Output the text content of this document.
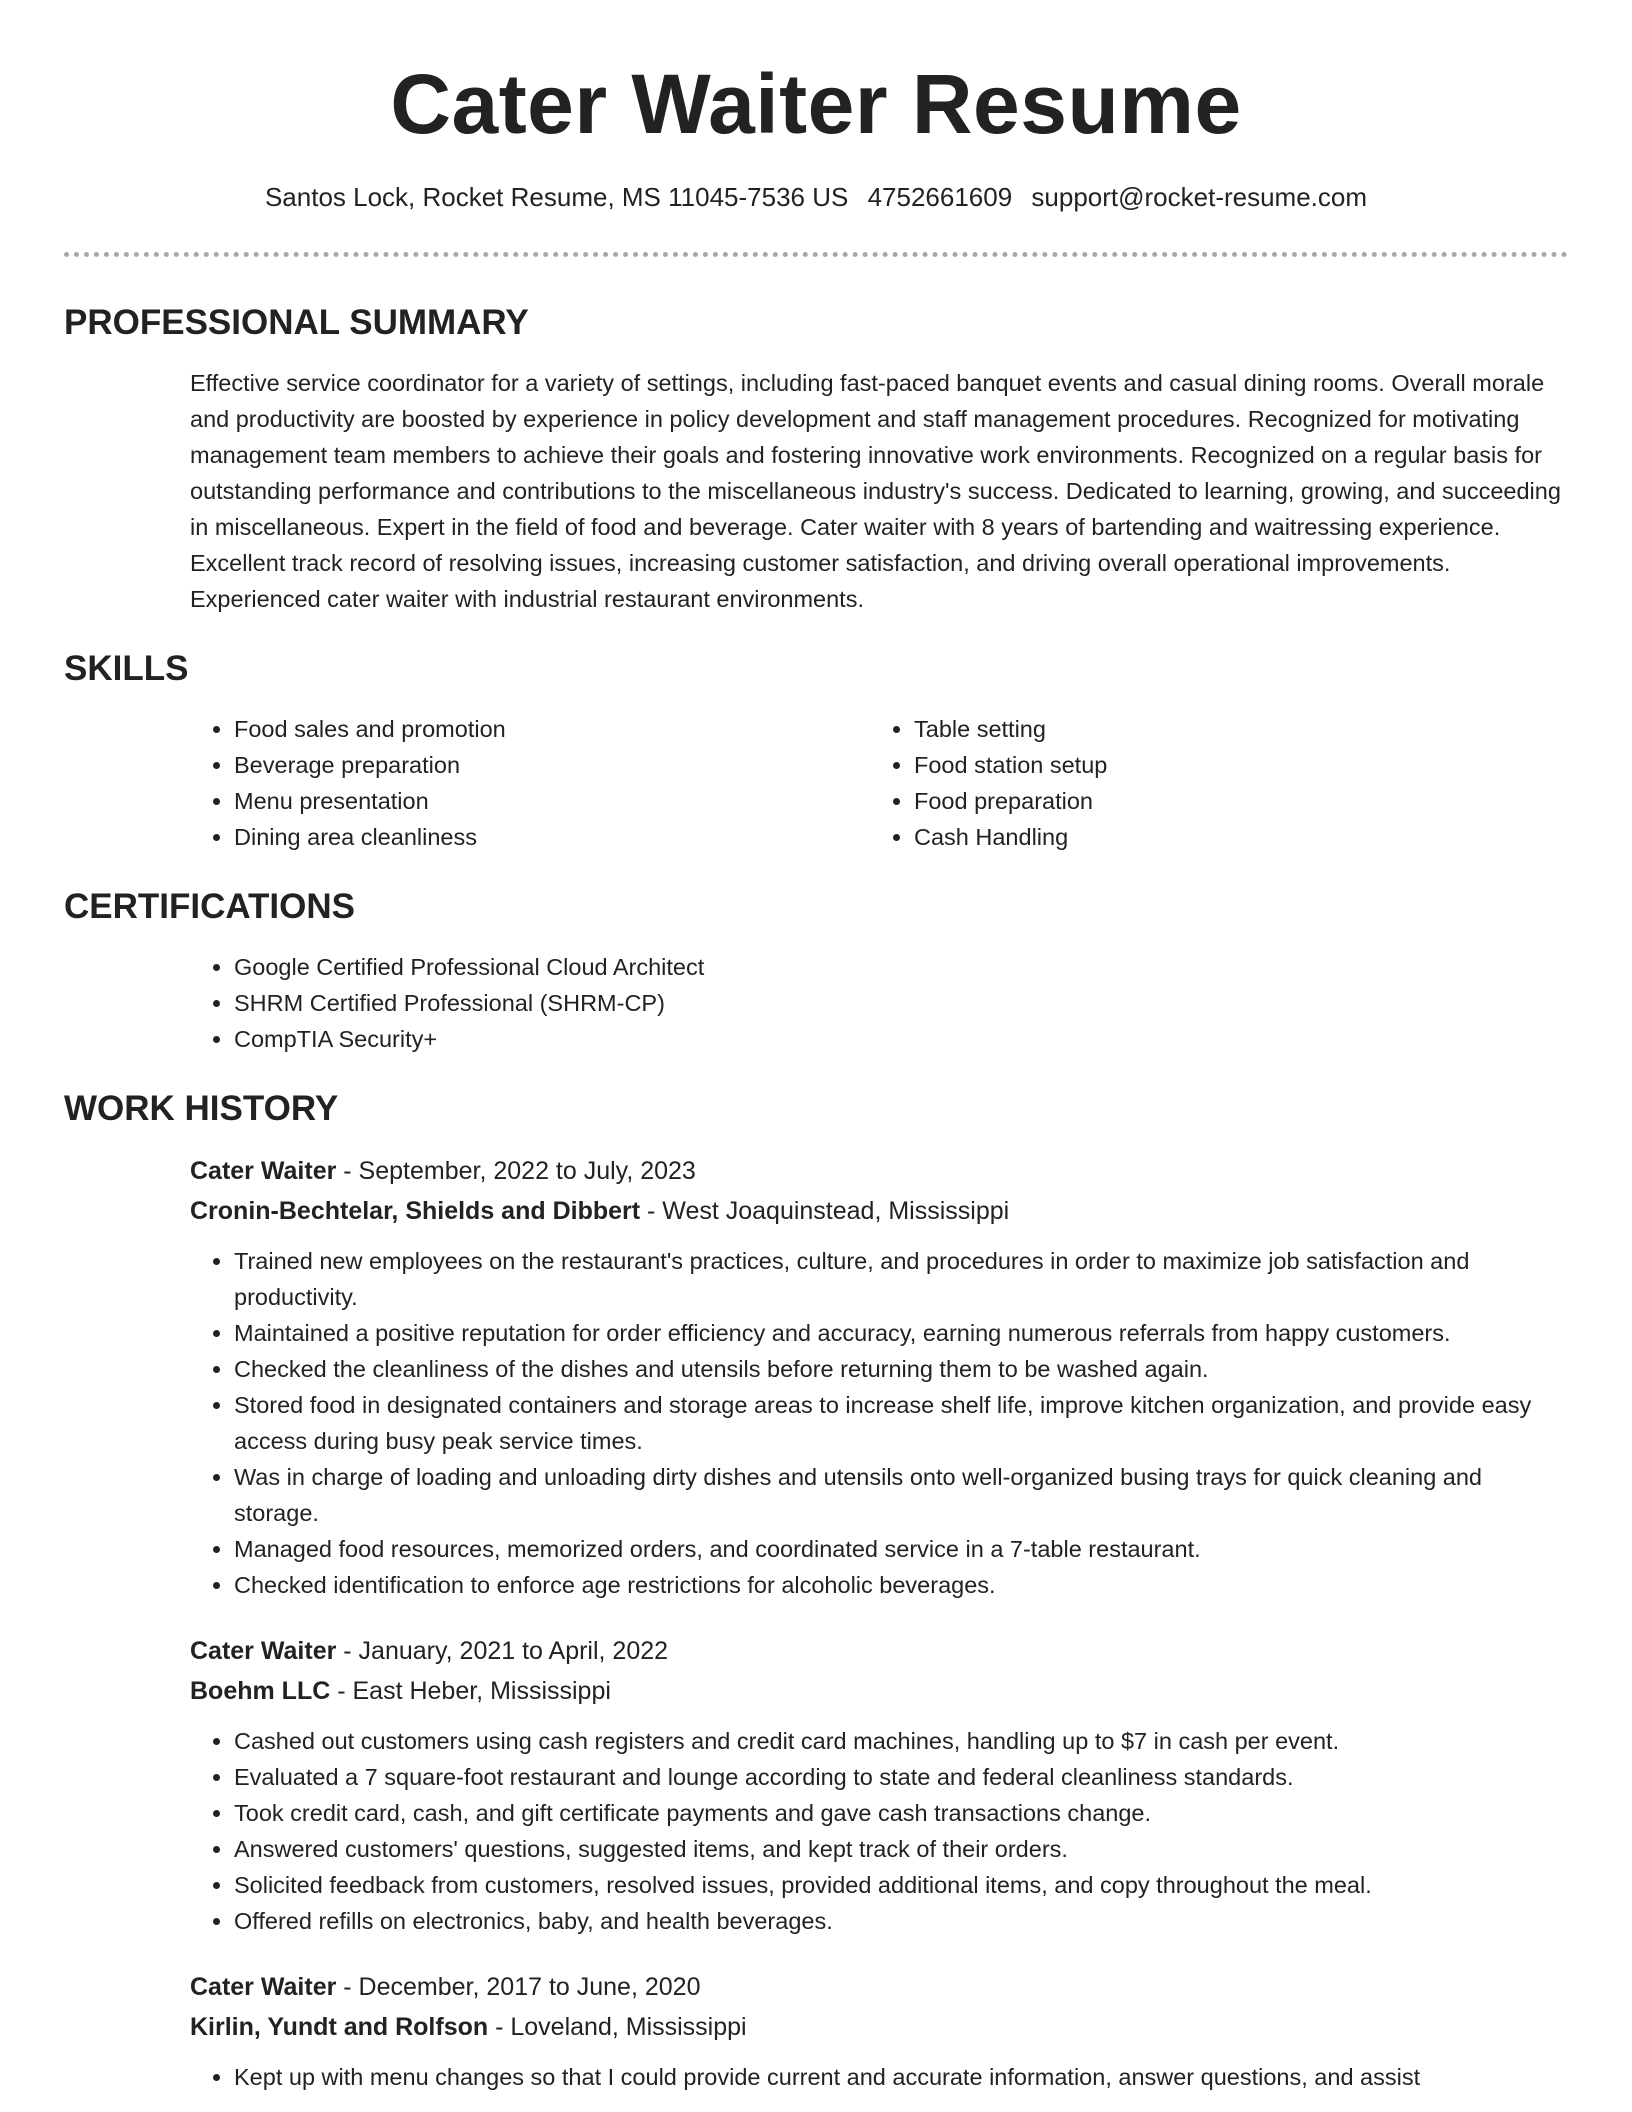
Cater Waiter Resume
Santos Lock, Rocket Resume, MS 11045-7536 US 4752661609 support@rocket-resume.com
PROFESSIONAL SUMMARY

Effective service coordinator for a variety of settings, including fast-paced banquet events and casual dining rooms. Overall morale and productivity are boosted by experience in policy development and staff management procedures. Recognized for motivating management team members to achieve their goals and fostering innovative work environments. Recognized on a regular basis for outstanding performance and contributions to the miscellaneous industry's success. Dedicated to learning, growing, and succeeding in miscellaneous. Expert in the field of food and beverage. Cater waiter with 8 years of bartending and waitressing experience. Excellent track record of resolving issues, increasing customer satisfaction, and driving overall operational improvements. Experienced cater waiter with industrial restaurant environments.

SKILLS
• Food sales and promotion
• Beverage preparation
• Menu presentation
• Dining area cleanliness
• Table setting
• Food station setup
• Food preparation
• Cash Handling
CERTIFICATIONS
• Google Certified Professional Cloud Architect
• SHRM Certified Professional (SHRM-CP)
• CompTIA Security+
WORK HISTORY
Cater Waiter - September, 2022 to July, 2023
Cronin-Bechtelar, Shields and Dibbert - West Joaquinstead, Mississippi
• Trained new employees on the restaurant's practices, culture, and procedures in order to maximize job satisfaction and productivity.
• Maintained a positive reputation for order efficiency and accuracy, earning numerous referrals from happy customers.
• Checked the cleanliness of the dishes and utensils before returning them to be washed again.
• Stored food in designated containers and storage areas to increase shelf life, improve kitchen organization, and provide easy access during busy peak service times.
• Was in charge of loading and unloading dirty dishes and utensils onto well-organized busing trays for quick cleaning and storage.
• Managed food resources, memorized orders, and coordinated service in a 7-table restaurant.
• Checked identification to enforce age restrictions for alcoholic beverages.
Cater Waiter - January, 2021 to April, 2022
Boehm LLC - East Heber, Mississippi
• Cashed out customers using cash registers and credit card machines, handling up to $7 in cash per event.
• Evaluated a 7 square-foot restaurant and lounge according to state and federal cleanliness standards.
• Took credit card, cash, and gift certificate payments and gave cash transactions change.
• Answered customers' questions, suggested items, and kept track of their orders.
• Solicited feedback from customers, resolved issues, provided additional items, and copy throughout the meal.
• Offered refills on electronics, baby, and health beverages.
Cater Waiter - December, 2017 to June, 2020
Kirlin, Yundt and Rolfson - Loveland, Mississippi
• Kept up with menu changes so that I could provide current and accurate information, answer questions, and assist
